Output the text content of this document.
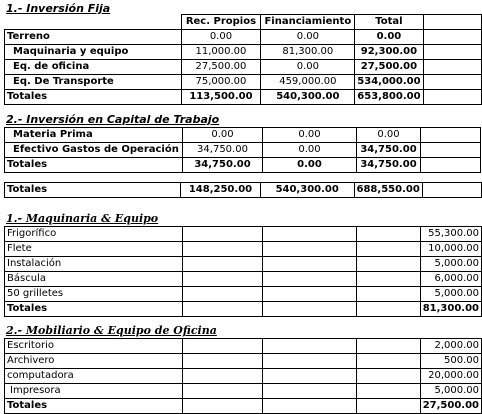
1.- Inversión Fija
	Rec. Propios	Financiamiento	Total	
Terreno	0.00	0.00	0.00	
Maquinaria y equipo	11,000.00	81,300.00	92,300.00	
Eq. de oficina	27,500.00	0.00	27,500.00	
Eq. De Transporte	75,000.00	459,000.00	534,000.00	
Totales	113,500.00	540,300.00	653,800.00	
2.- Inversión en Capital de Trabajo
Materia Prima	0.00	0.00	0.00	
Efectivo Gastos de Operación	34,750.00	0.00	34,750.00	
Totales	34,750.00	0.00	34,750.00	
Totales	148,250.00	540,300.00	688,550.00	
1.- Maquinaria & Equipo
Frigorífico				55,300.00
Flete				10,000.00
Instalación				5,000.00
Báscula				6,000.00
50 grilletes				5,000.00
Totales				81,300.00
2.- Mobiliario & Equipo de Oficina
Escritorio				2,000.00
Archivero				500.00
computadora				20,000.00
Impresora				5,000.00
Totales				27,500.00
